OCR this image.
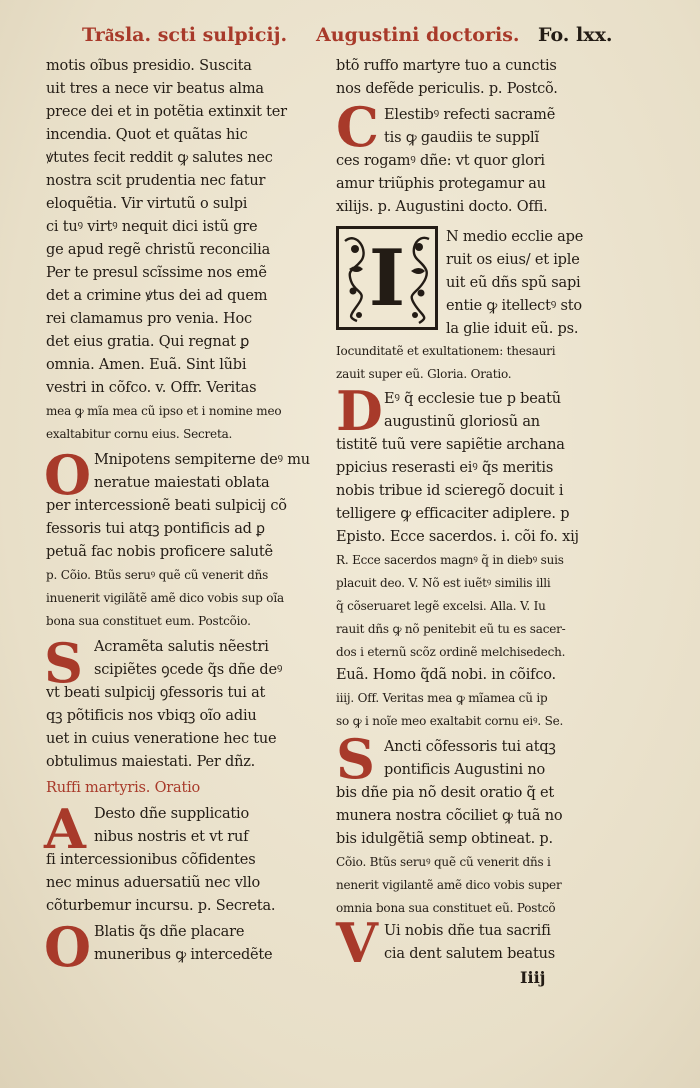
Tra͂sla. scti sulpicij. Augustini doctoris. Fo. lxx.
motis oĩbus presidio. Suscita
uit tres a nece vir beatus alma
prece dei et in potẽtia extinxit ter
incendia. Quot et quãtas hic
ꝟtutes fecit reddit ꝙ salutes nec
nostra scit prudentia nec fatur
eloquẽtia. Vir virtutũ o sulpi
ci tuꝰ virtꝰ nequit dici istũ gre
ge apud regẽ christũ reconcilia
Per te presul scĩssime nos emẽ
det a crimine ꝟtus dei ad quem
rei clamamus pro venia. Hoc
det eius gratia. Qui regnat ꝑ
omnia. Amen. Euã. Sint lũbi
vestri in cõfco. v. Offr. Veritas
mea ꝙ mĩa mea cũ ipso et i nomine meo
exaltabitur cornu eius. Secreta.
Mnipotens sempiterne deꝰ mu
neratue maiestati oblata
per intercessionẽ beati sulpicij cõ
fessoris tui atqꝫ pontificis ad ꝑ
petuã fac nobis proficere salutẽ
p. Cõio. Btũs seruꝰ quẽ cũ venerit dñs
inuenerit vigilãtẽ amẽ dico vobis sup oĩa
bona sua constituet eum. Postcõio.
Acramẽta salutis nẽestri
scipiẽtes ꝯcede q̃s dñe deꝰ
vt beati sulpicij ꝯfessoris tui at
qꝫ põtificis nos vbiqꝫ oĩo adiu
uet in cuius veneratione hec tue
obtulimus maiestati. Per dñz.
Ruffi martyris. Oratio
Desto dñe supplicatio
nibus nostris et vt ruf
fi intercessionibus cõfidentes
nec minus aduersatiũ nec vllo
cõturbemur incursu. p. Secreta.
Blatis q̃s dñe placare
muneribus ꝙ intercedẽte
O
S
A
O
btõ ruffo martyre tuo a cunctis
nos defẽde periculis. p. Postcõ.
Elestibꝰ refecti sacramẽ
tis ꝙ gaudiis te supplĩ
ces rogamꝰ dñe: vt quor glori
amur triũphis protegamur au
xilijs. p. Augustini docto. Offi.
N medio ecclie ape
ruit os eius/ et iple
uit eũ dñs spũ sapi
entie ꝙ itellectꝰ sto
la glie iduit eũ. ps.
Iocunditatẽ et exultationem: thesauri
zauit super eũ. Gloria. Oratio.
Eꝰ q̃ ecclesie tue p beatũ
augustinũ gloriosũ an
tistitẽ tuũ vere sapiẽtie archana
ppicius reserasti eiꝰ q̃s meritis
nobis tribue id scieregõ docuit i
telligere ꝙ efficaciter adiplere. p
Episto. Ecce sacerdos. i. cõi fo. xij
R. Ecce sacerdos magnꝰ q̃ in diebꝰ suis
placuit deo. V. Nõ est iuẽtꝰ similis illi
q̃ cõseruaret legẽ excelsi. Alla. V. Iu
rauit dñs ꝙ nõ penitebit eũ tu es sacer-
dos i eternũ scõz ordinẽ melchisedech.
Euã. Homo q̃dã nobi. in cõifco.
iiij. Off. Veritas mea ꝙ mĩamea cũ ip
so ꝙ i noĩe meo exaltabit cornu eiꝰ. Se.
Ancti cõfessoris tui atqꝫ
pontificis Augustini no
bis dñe pia nõ desit oratio q̃ et
munera nostra cõciliet ꝙ tuã no
bis idulgẽtiã semp obtineat. p.
Cõio. Btũs seruꝰ quẽ cũ venerit dñs i
nenerit vigilantẽ amẽ dico vobis super
omnia bona sua constituet eũ. Postcõ
Ui nobis dñe tua sacrifi
cia dent salutem beatus
C
D
S
V
I
Iiij
